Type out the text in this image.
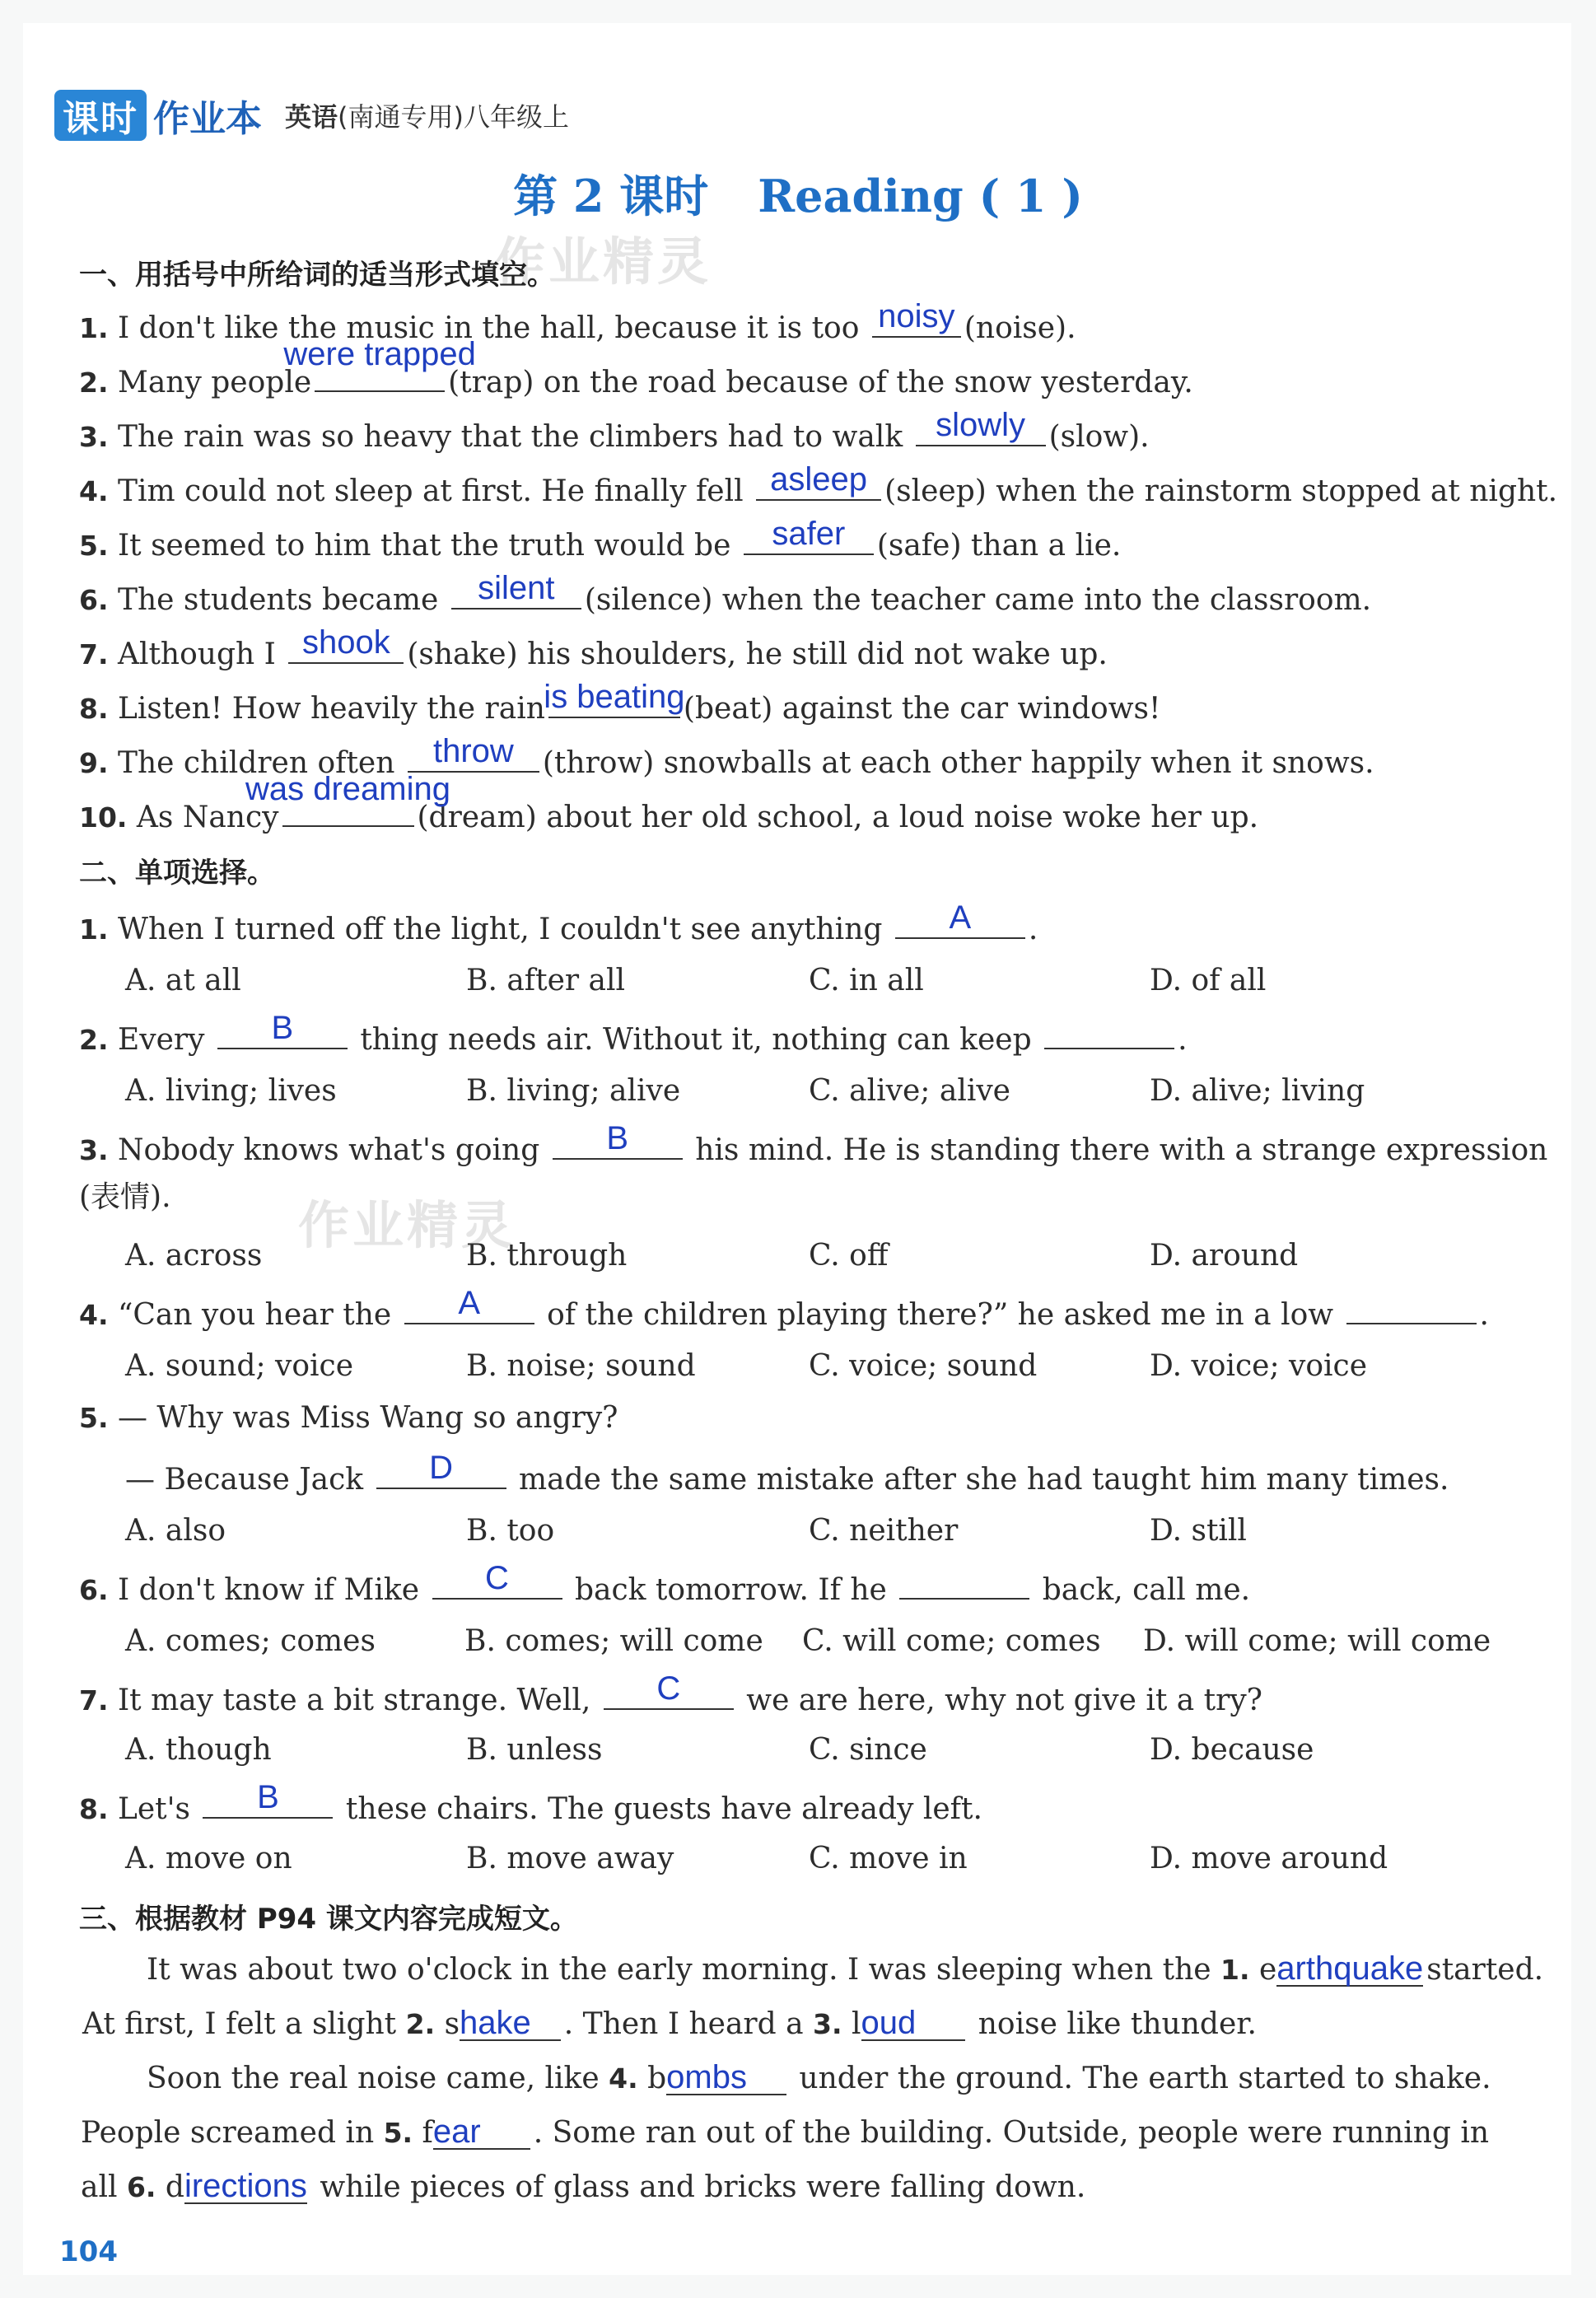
课时 作业本 英语(南通专用)八年级上
第 2 课时 Reading ( 1 )
作业精灵
作业精灵
一、用括号中所给词的适当形式填空。
1. I don't like the music in the hall, because it is too noisy (noise).
2. Many people
were trapped
(trap) on the road because of the snow yesterday.
3. The rain was so heavy that the climbers had to walk slowly (slow).
4. Tim could not sleep at first. He finally fell asleep (sleep) when the rainstorm stopped at night.
5. It seemed to him that the truth would be safer (safe) than a lie.
6. The students became silent (silence) when the teacher came into the classroom.
7. Although I shook (shake) his shoulders, he still did not wake up.
8. Listen! How heavily the rain
is beating
(beat) against the car windows!
9. The children often throw (throw) snowballs at each other happily when it snows.
10. As Nancy
was dreaming
(dream) about her old school, a loud noise woke her up.
二、单项选择。
1. When I turned off the light, I couldn't see anything A .
A. at all	B. after all	C. in all	D. of all
2. Every B thing needs air. Without it, nothing can keep	.
A. living; lives	B. living; alive	C. alive; alive	D. alive; living
3. Nobody knows what's going B his mind. He is standing there with a strange expression
(表情).
A. across	B. through	C. off	D. around
4. “Can you hear the A of the children playing there?” he asked me in a low	.
A. sound; voice	B. noise; sound	C. voice; sound	D. voice; voice
5. — Why was Miss Wang so angry?
— Because Jack D made the same mistake after she had taught him many times.
A. also	B. too	C. neither	D. still
6. I don't know if Mike C back tomorrow. If he	back, call me.
A. comes; comes	B. comes; will come C. will come; comes D. will come; will come
7. It may taste a bit strange. Well, C we are here, why not give it a try?
A. though	B. unless	C. since	D. because
8. Let's B these chairs. The guests have already left.
A. move on	B. move away	C. move in	D. move around
三、根据教材 P94 课文内容完成短文。
It was about two o'clock in the early morning. I was sleeping when the 1. earthquake started.
At first, I felt a slight 2. shake . Then I heard a 3. loud noise like thunder.
Soon the real noise came, like 4. bombs under the ground. The earth started to shake.
People screamed in 5. fear . Some ran out of the building. Outside, people were running in
all 6. directions while pieces of glass and bricks were falling down.
104
